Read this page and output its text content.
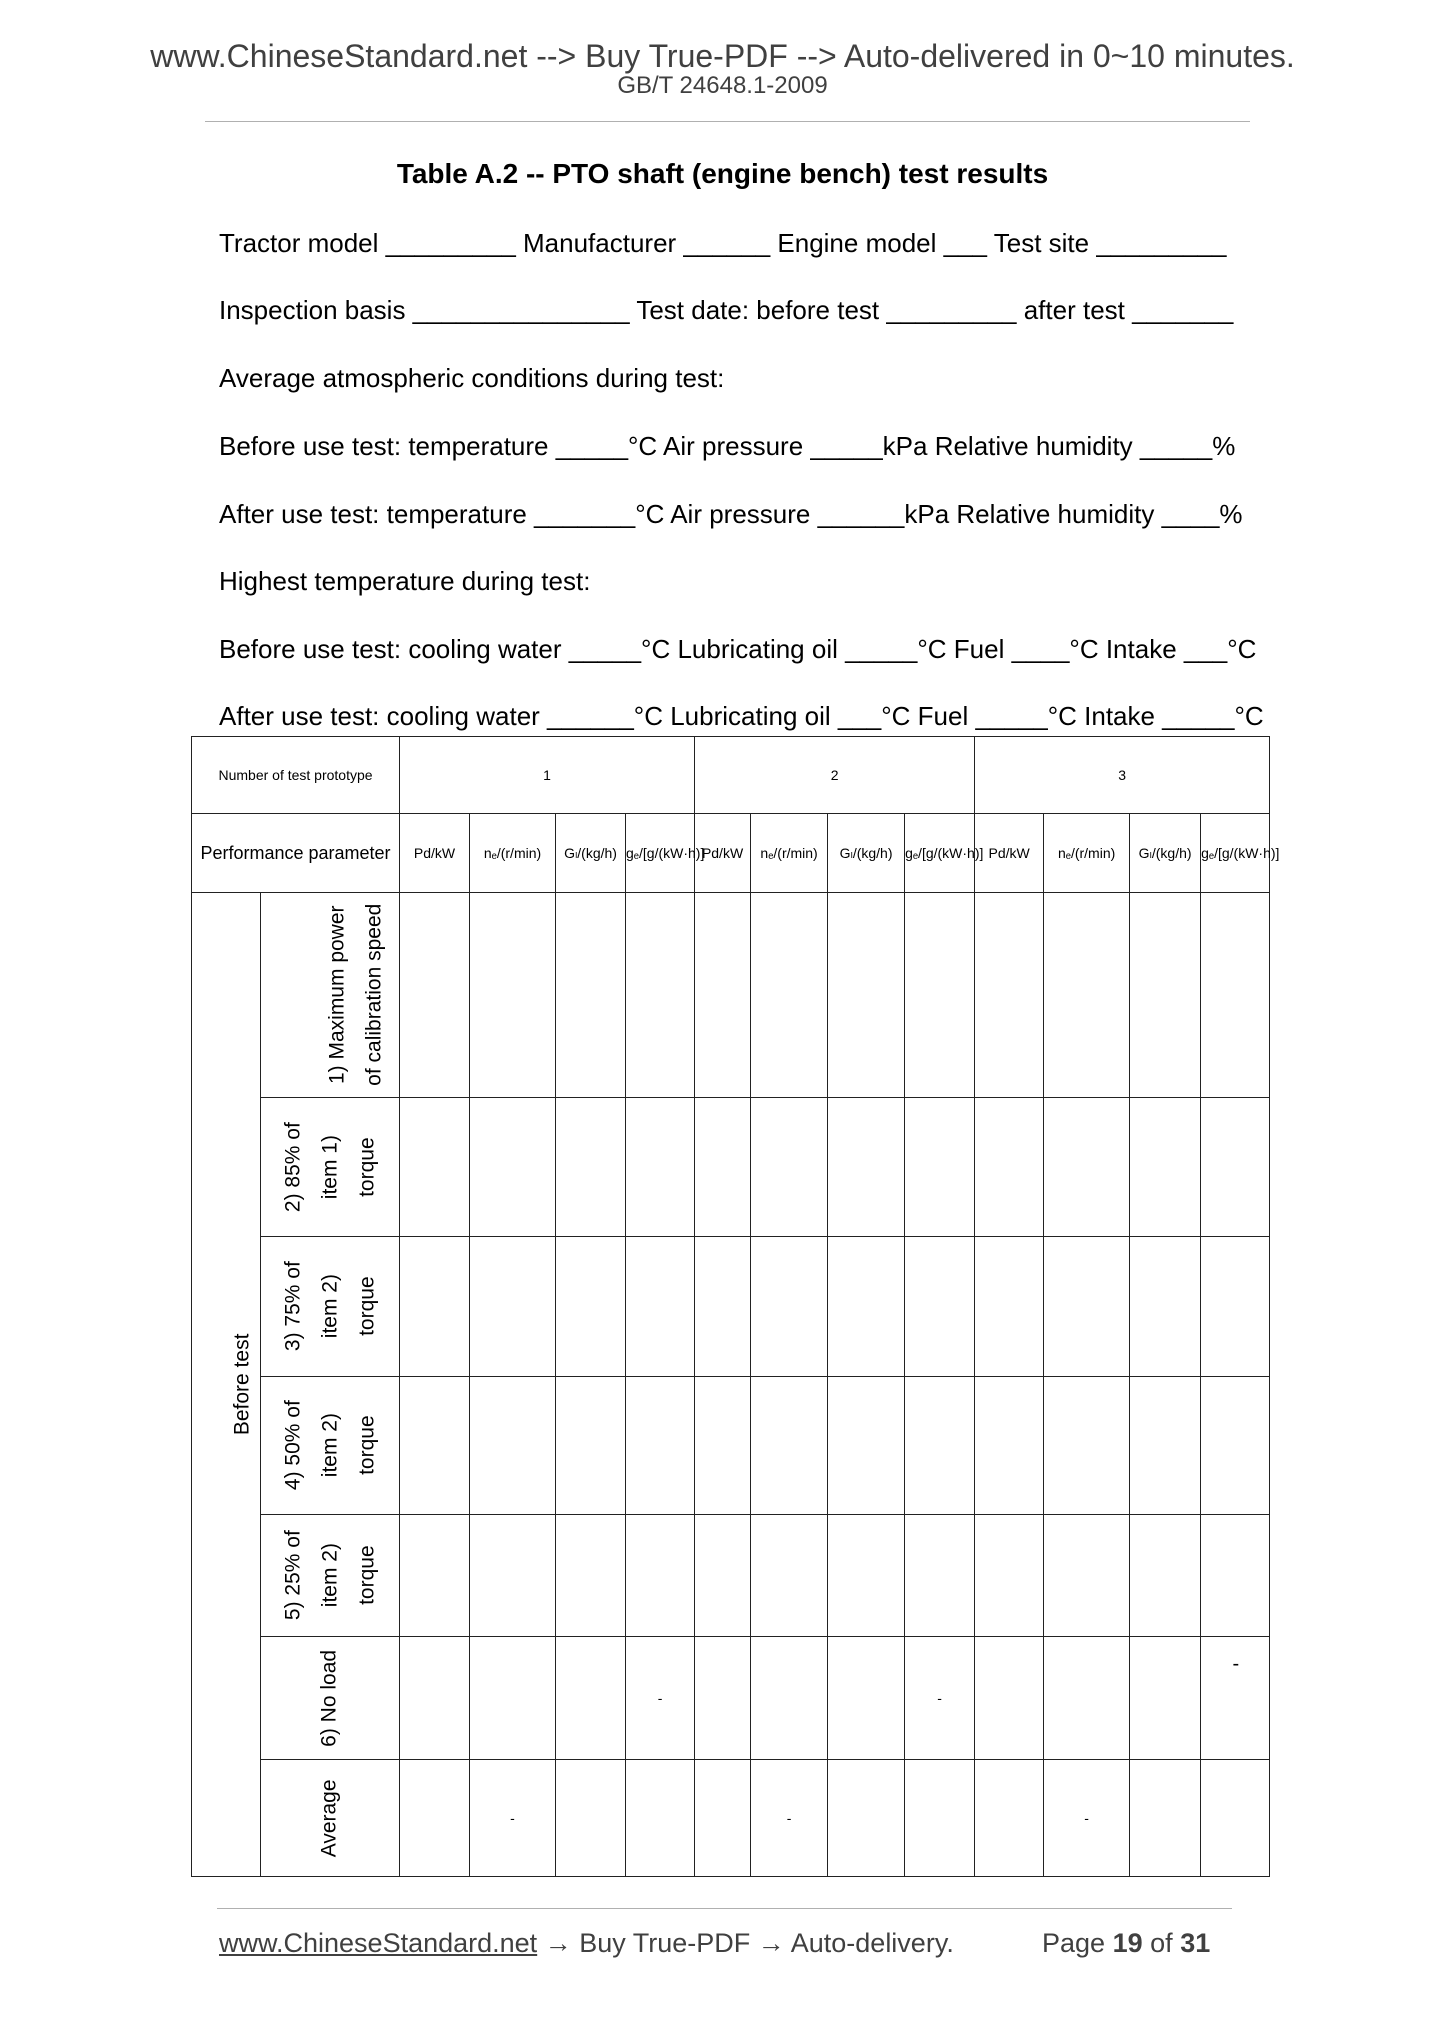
www.ChineseStandard.net --> Buy True-PDF --> Auto-delivered in 0~10 minutes.
GB/T 24648.1-2009
Table A.2 -- PTO shaft (engine bench) test results
Tractor model _________ Manufacturer ______ Engine model ___ Test site _________
Inspection basis _______________ Test date: before test _________ after test _______
Average atmospheric conditions during test:
Before use test: temperature _____°C Air pressure _____kPa Relative humidity _____%
After use test: temperature _______°C Air pressure ______kPa Relative humidity ____%
Highest temperature during test:
Before use test: cooling water _____°C Lubricating oil _____°C Fuel ____°C Intake ___°C
After use test: cooling water ______°C Lubricating oil ___°C Fuel _____°C Intake _____°C
Number of test prototype		1				2				3			
Performance parameter		Pd/kW	nₑ/(r/min)	Gₗ/(kg/h)	gₑ/[g/(kW·h)]	Pd/kW	nₑ/(r/min)	Gₗ/(kg/h)	gₑ/[g/(kW·h)]	Pd/kW	nₑ/(r/min)	Gₗ/(kg/h)	gₑ/[g/(kW·h)]
Before test	1) Maximum power of calibration speed												
	2) 85% of item 1) torque												
	3) 75% of item 2) torque												
	4) 50% of item 2) torque												
	5) 25% of item 2) torque												
	6) No load				-				-				-

	Average		-				-				-		
www.ChineseStandard.net → Buy True-PDF → Auto-delivery.	Page 19 of 31
